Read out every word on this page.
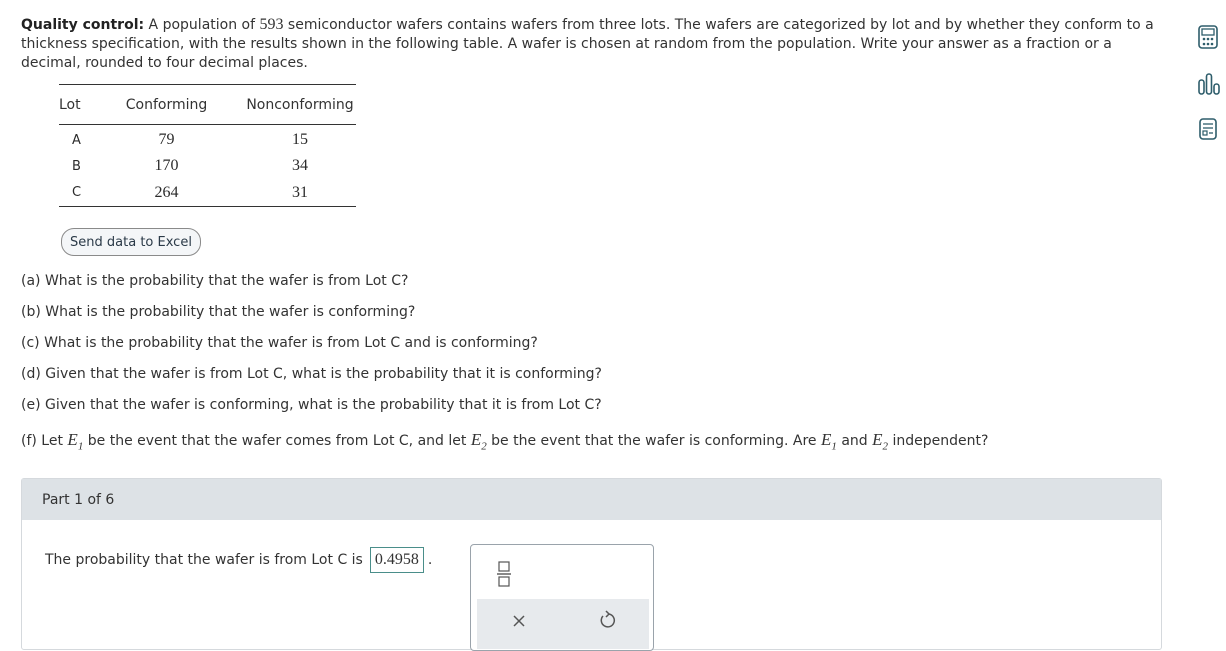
Quality control: A population of 593 semiconductor wafers contains wafers from three lots. The wafers are categorized by lot and by whether they conform to a thickness specification, with the results shown in the following table. A wafer is chosen at random from the population. Write your answer as a fraction or a decimal, rounded to four decimal places.
Lot	Conforming	Nonconforming
A	79	15
B	170	34
C	264	31
Send data to Excel
(a) What is the probability that the wafer is from Lot C?
(b) What is the probability that the wafer is conforming?
(c) What is the probability that the wafer is from Lot C and is conforming?
(d) Given that the wafer is from Lot C, what is the probability that it is conforming?
(e) Given that the wafer is conforming, what is the probability that it is from Lot C?
(f) Let $E_1$ be the event that the wafer comes from Lot C, and let $E_2$ be the event that the wafer is conforming. Are $E_1$ and $E_2$ independent?
Part 1 of 6
The probability that the wafer is from Lot C is 0.4958 .
